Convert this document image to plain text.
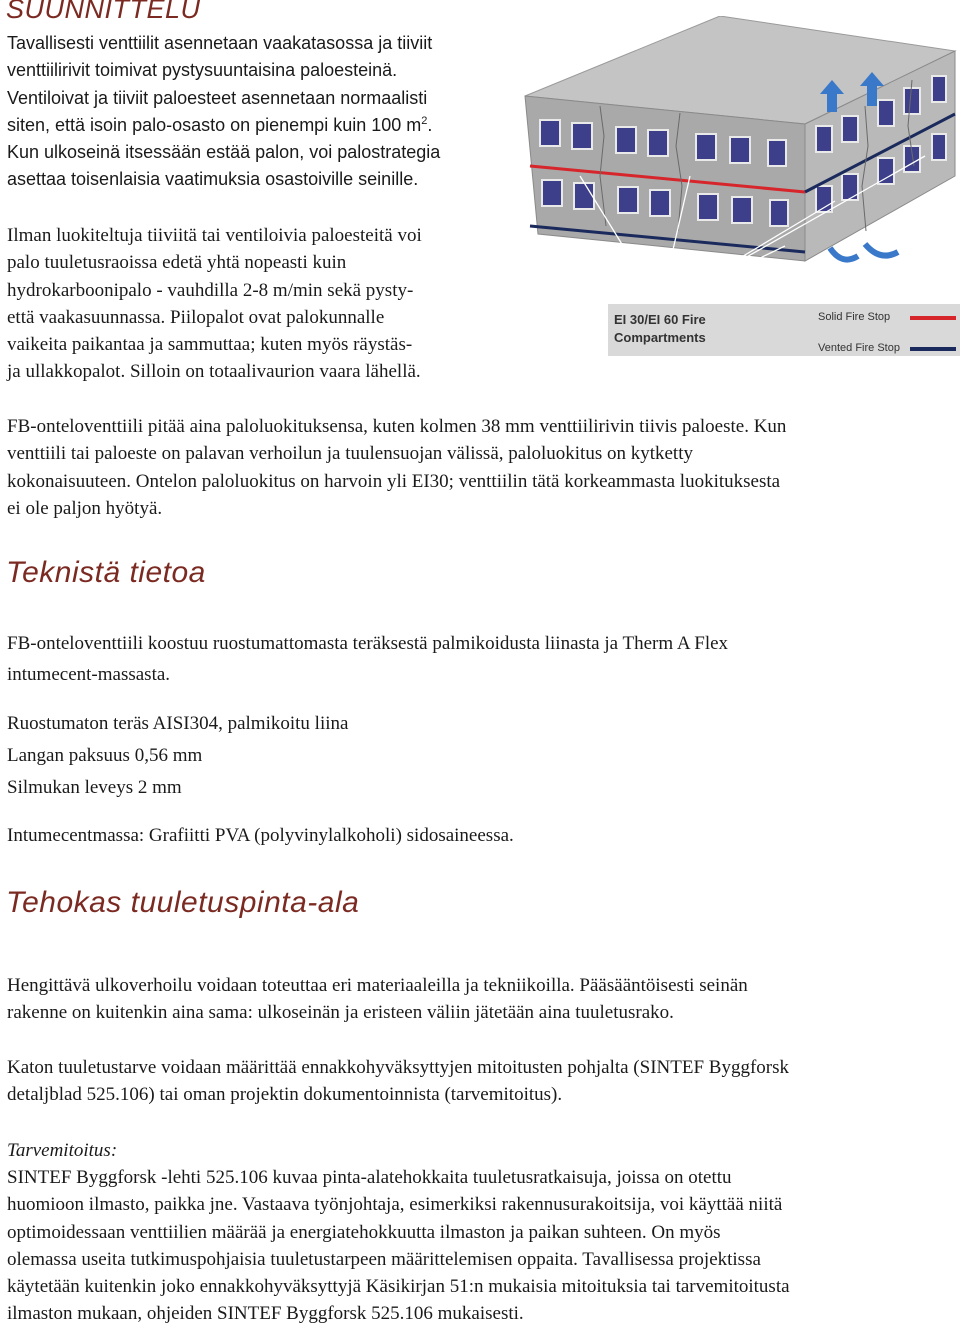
SUUNNITTELU
Tavallisesti venttiilit asennetaan vaakatasossa ja tiiviit
venttiilirivit toimivat pystysuuntaisina paloesteinä.
Ventiloivat ja tiiviit paloesteet asennetaan normaalisti
siten, että isoin palo-osasto on pienempi kuin 100 $m^2$.
Kun ulkoseinä itsessään estää palon, voi palostrategia
asettaa toisenlaisia vaatimuksia osastoiville seinille.
Ilman luokiteltuja tiiviitä tai ventiloivia paloesteitä voi
palo tuuletusraoissa edetä yhtä nopeasti kuin
hydrokarboonipalo - vauhdilla 2-8 m/min sekä pysty-
että vaakasuunnassa. Piilopalot ovat palokunnalle
vaikeita paikantaa ja sammuttaa; kuten myös räystäs-
ja ullakkopalot. Silloin on totaalivaurion vaara lähellä.
EI 30/EI 60 Fire
Compartments
Solid Fire Stop
Vented Fire Stop
FB-onteloventtiili pitää aina paloluokituksensa, kuten kolmen 38 mm venttiilirivin tiivis paloeste. Kun
venttiili tai paloeste on palavan verhoilun ja tuulensuojan välissä, paloluokitus on kytketty
kokonaisuuteen. Ontelon paloluokitus on harvoin yli EI30; venttiilin tätä korkeammasta luokituksesta
ei ole paljon hyötyä.
Teknistä tietoa
FB-onteloventtiili koostuu ruostumattomasta teräksestä palmikoidusta liinasta ja Therm A Flex
intumecent-massasta.
Ruostumaton teräs AISI304, palmikoitu liina
Langan paksuus 0,56 mm
Silmukan leveys 2 mm
Intumecentmassa: Grafiitti PVA (polyvinylalkoholi) sidosaineessa.
Tehokas tuuletuspinta-ala
Hengittävä ulkoverhoilu voidaan toteuttaa eri materiaaleilla ja tekniikoilla. Pääsääntöisesti seinän
rakenne on kuitenkin aina sama: ulkoseinän ja eristeen väliin jätetään aina tuuletusrako.
Katon tuuletustarve voidaan määrittää ennakkohyväksyttyjen mitoitusten pohjalta (SINTEF Byggforsk
detaljblad 525.106) tai oman projektin dokumentoinnista (tarvemitoitus).
Tarvemitoitus:
SINTEF Byggforsk -lehti 525.106 kuvaa pinta-alatehokkaita tuuletusratkaisuja, joissa on otettu
huomioon ilmasto, paikka jne. Vastaava työnjohtaja, esimerkiksi rakennusurakoitsija, voi käyttää niitä
optimoidessaan venttiilien määrää ja energiatehokkuutta ilmaston ja paikan suhteen. On myös
olemassa useita tutkimuspohjaisia tuuletustarpeen määrittelemisen oppaita. Tavallisessa projektissa
käytetään kuitenkin joko ennakkohyväksyttyjä Käsikirjan 51:n mukaisia mitoituksia tai tarvemitoitusta
ilmaston mukaan, ohjeiden SINTEF Byggforsk 525.106 mukaisesti.
